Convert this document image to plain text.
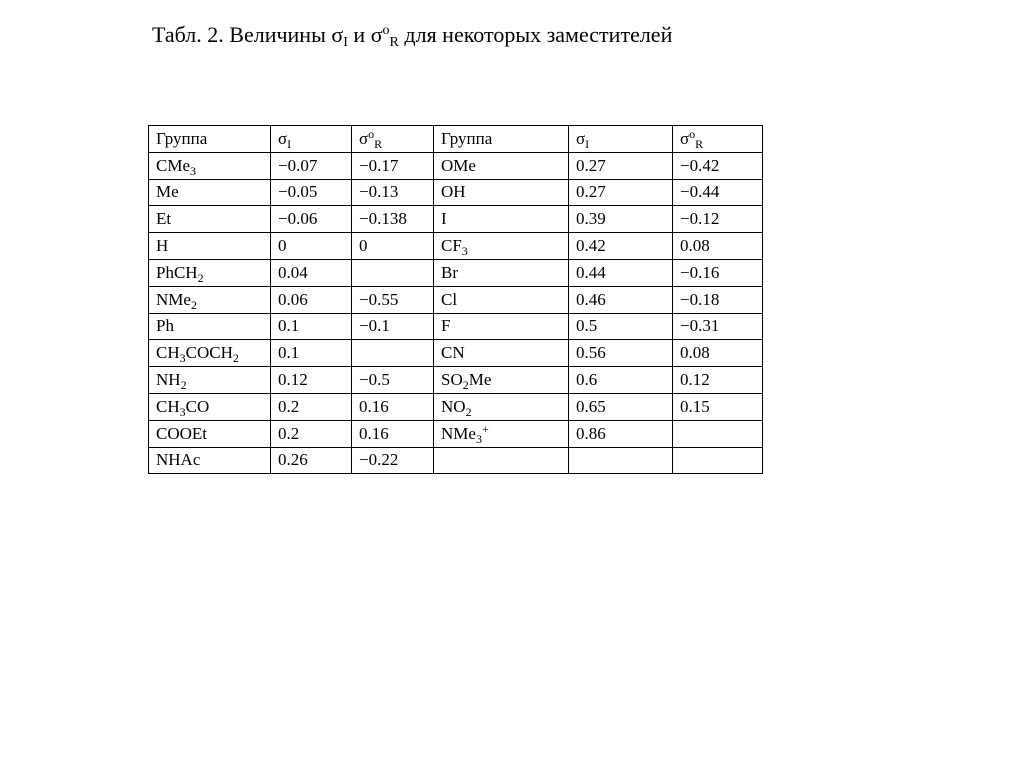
Табл. 2. Величины $\sigma_I$ и $\sigma^o_R$ для некоторых заместителей
Группа	$\sigma_I$	$\sigma^o_R$	Группа	$\sigma_I$	$\sigma^o_R$
CMe$_3$	−0.07	−0.17	OMe	0.27	−0.42
Me	−0.05	−0.13	OH	0.27	−0.44
Et	−0.06	−0.138	I	0.39	−0.12
H	0	0	$CF_3$	0.42	0.08
PhCH$_2$	0.04		Br	0.44	−0.16
NMe$_2$	0.06	−0.55	Cl	0.46	−0.18
Ph	0.1	−0.1	F	0.5	−0.31
$CH_3COCH_2$	0.1		CN	0.56	0.08
$NH_2$	0.12	−0.5	$SO_2Me$	0.6	0.12
$CH_3CO$	0.2	0.16	$NO_2$	0.65	0.15
COOEt	0.2	0.16	NMe$_3$+	0.86	
NHAc	0.26	−0.22			
